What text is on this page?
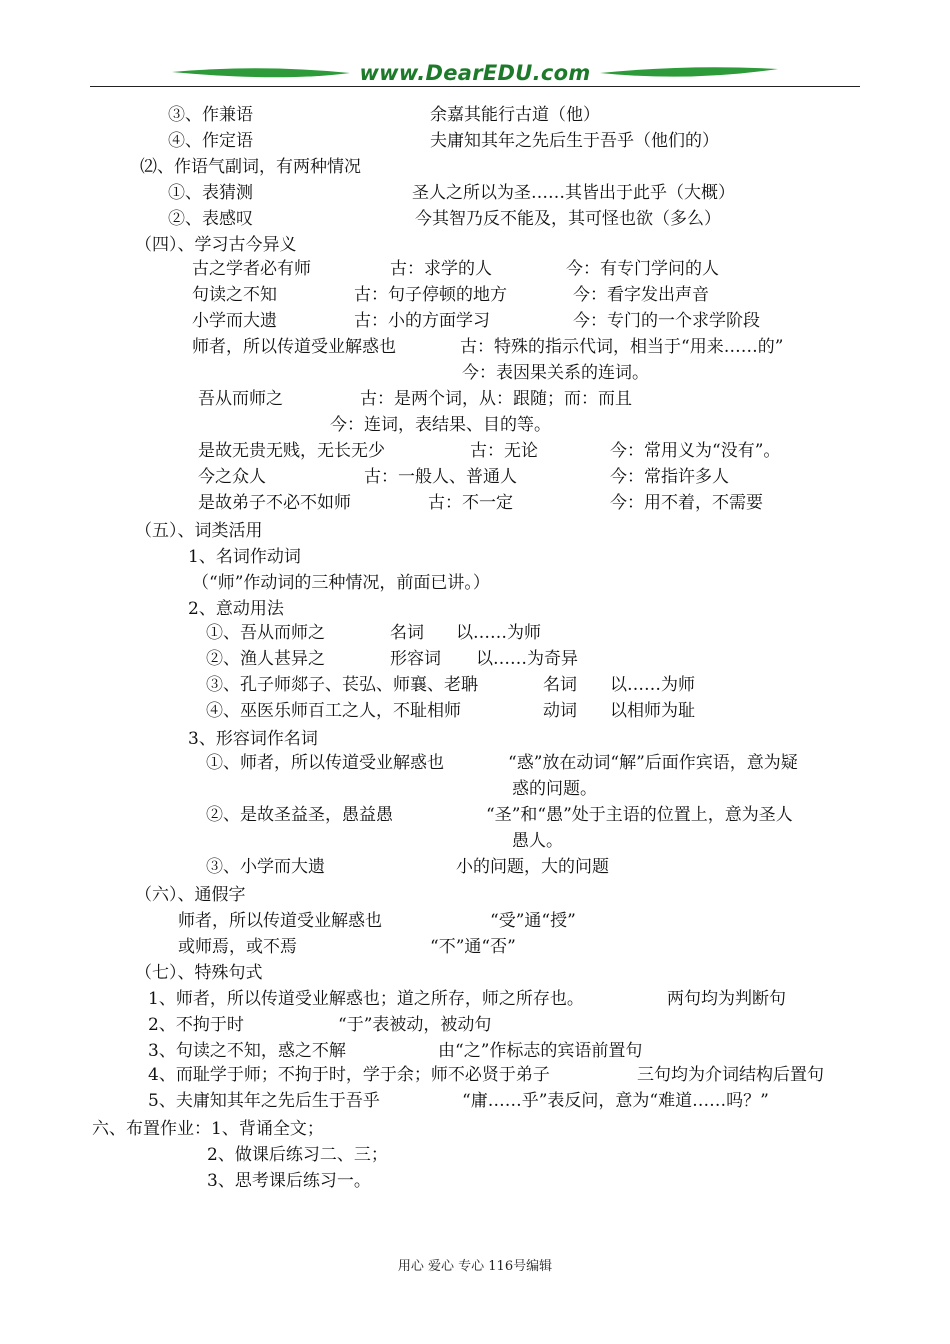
www.DearEDU.com
③、作兼语	余嘉其能行古道（他）
④、作定语	夫庸知其年之先后生于吾乎（他们的）
⑵、作语气副词，有两种情况
①、表猜测	圣人之所以为圣……其皆出于此乎（大概）
②、表感叹	今其智乃反不能及，其可怪也欲（多么）
（四）、学习古今异义
古之学者必有师	古：求学的人	今：有专门学问的人
句读之不知	古：句子停顿的地方	今：看字发出声音
小学而大遗	古：小的方面学习	今：专门的一个求学阶段
师者，所以传道受业解惑也	古：特殊的指示代词，相当于“用来……的”
今：表因果关系的连词。
吾从而师之	古：是两个词，从：跟随；而：而且
今：连词，表结果、目的等。
是故无贵无贱，无长无少	古：无论	今：常用义为“没有”。
今之众人	古：一般人、普通人	今：常指许多人
是故弟子不必不如师	古：不一定	今：用不着，不需要
（五）、词类活用
1、名词作动词
（“师”作动词的三种情况，前面已讲。）
2、意动用法
①、吾从而师之	名词 以……为师
②、渔人甚异之	形容词 以……为奇异
③、孔子师郯子、苌弘、师襄、老聃	名词 以……为师
④、巫医乐师百工之人，不耻相师	动词 以相师为耻
3、形容词作名词
①、师者，所以传道受业解惑也	“惑”放在动词“解”后面作宾语，意为疑
惑的问题。
②、是故圣益圣，愚益愚	“圣”和“愚”处于主语的位置上，意为圣人
愚人。
③、小学而大遗	小的问题，大的问题
（六）、通假字
师者，所以传道受业解惑也	“受”通“授”
或师焉，或不焉	“不”通“否”
（七）、特殊句式
1、师者，所以传道受业解惑也；道之所存，师之所存也。	两句均为判断句
2、不拘于时	“于”表被动，被动句
3、句读之不知，惑之不解	由“之”作标志的宾语前置句
4、而耻学于师；不拘于时，学于余；师不必贤于弟子	三句均为介词结构后置句
5、夫庸知其年之先后生于吾乎	“庸……乎”表反问，意为“难道……吗？”
六、布置作业：1、背诵全文；
2、做课后练习二、三；
3、思考课后练习一。
用心 爱心 专心 116号编辑
